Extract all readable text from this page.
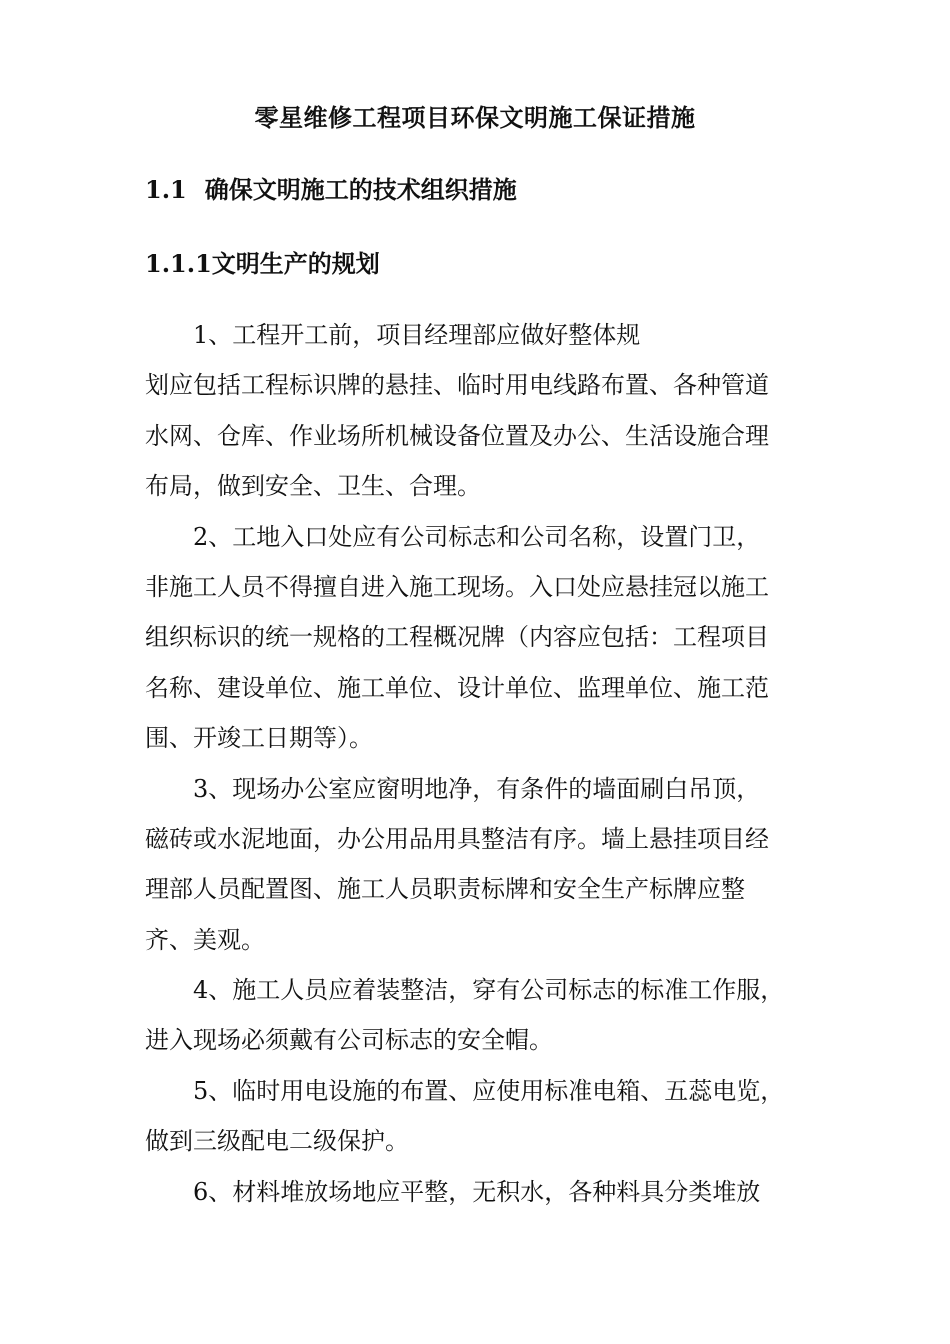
零星维修工程项目环保文明施工保证措施
1.1 确保文明施工的技术组织措施
1.1.1文明生产的规划
1、工程开工前，项目经理部应做好整体规
划应包括工程标识牌的悬挂、临时用电线路布置、各种管道
水网、仓库、作业场所机械设备位置及办公、生活设施合理
布局，做到安全、卫生、合理。
2、工地入口处应有公司标志和公司名称，设置门卫，
非施工人员不得擅自进入施工现场。入口处应悬挂冠以施工
组织标识的统一规格的工程概况牌（内容应包括：工程项目
名称、建设单位、施工单位、设计单位、监理单位、施工范
围、开竣工日期等）。
3、现场办公室应窗明地净，有条件的墙面刷白吊顶，
磁砖或水泥地面，办公用品用具整洁有序。墙上悬挂项目经
理部人员配置图、施工人员职责标牌和安全生产标牌应整
齐、美观。
4、施工人员应着装整洁，穿有公司标志的标准工作服，
进入现场必须戴有公司标志的安全帽。
5、临时用电设施的布置、应使用标准电箱、五蕊电览，
做到三级配电二级保护。
6、材料堆放场地应平整，无积水，各种料具分类堆放
